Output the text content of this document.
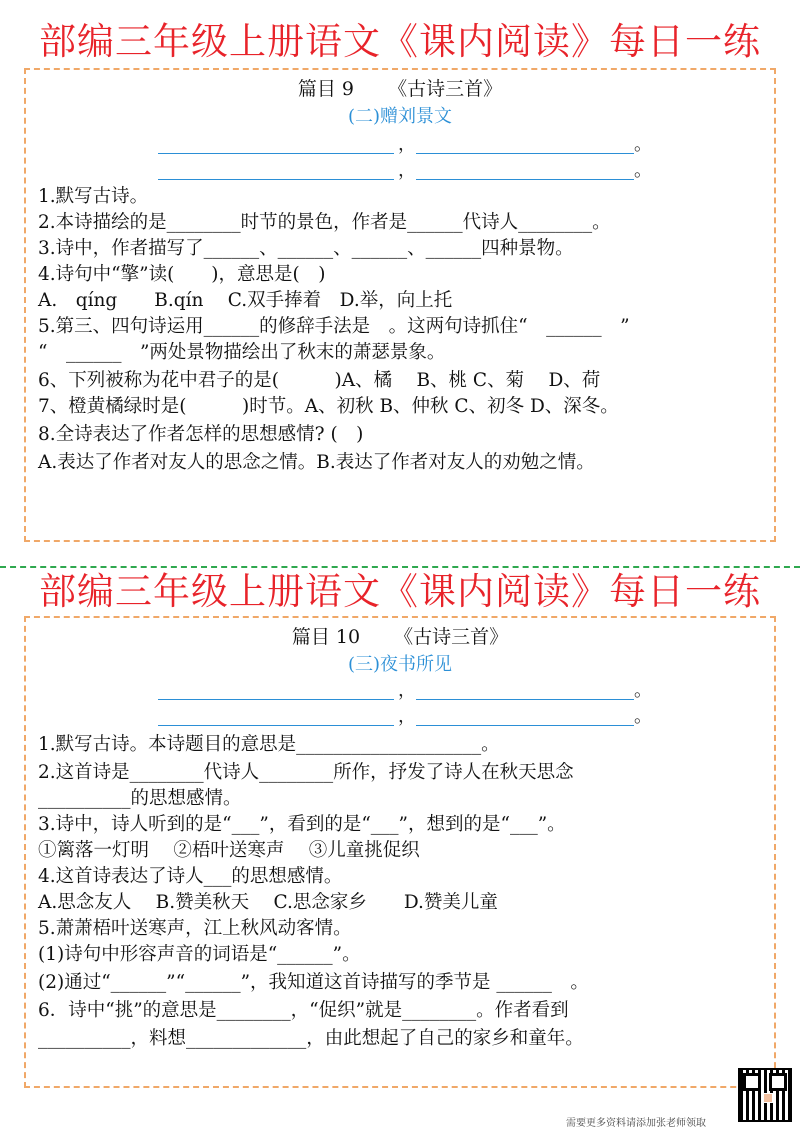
部编三年级上册语文《课内阅读》每日一练
篇目 9 《古诗三首》
(二)赠刘景文
，	。
，	。
1.默写古诗。
2.本诗描绘的是________时节的景色，作者是______代诗人________。
3.诗中，作者描写了______、______、______、______四种景物。
4.诗句中“擎”读(　　)，意思是(　)
A.　qíng　　B.qín　 C.双手捧着　D.举，向上托
5.第三、四句诗运用______的修辞手法是　。这两句诗抓住“　______　”
“　______　”两处景物描绘出了秋末的萧瑟景象。
6、下列被称为花中君子的是(　　　)A、橘　 B、桃 C、菊　 D、荷
7、橙黄橘绿时是(　　　)时节。A、初秋 B、仲秋 C、初冬 D、深冬。
8.全诗表达了作者怎样的思想感情? (　)
A.表达了作者对友人的思念之情。B.表达了作者对友人的劝勉之情。
部编三年级上册语文《课内阅读》每日一练
篇目 10 《古诗三首》
(三)夜书所见
，	。
，	。
1.默写古诗。本诗题目的意思是____________________。
2.这首诗是________代诗人________所作，抒发了诗人在秋天思念
__________的思想感情。
3.诗中，诗人听到的是“___”，看到的是“___”，想到的是“___”。
①篱落一灯明　 ②梧叶送寒声　 ③儿童挑促织
4.这首诗表达了诗人___的思想感情。
A.思念友人　 B.赞美秋天　 C.思念家乡　　D.赞美儿童
5.萧萧梧叶送寒声，江上秋风动客情。
(1)诗句中形容声音的词语是“______”。
(2)通过“______”“______”，我知道这首诗描写的季节是 ______　。
6．诗中“挑”的意思是________，“促织”就是________。作者看到
__________，料想_____________，由此想起了自己的家乡和童年。
需要更多资料请添加张老师领取
